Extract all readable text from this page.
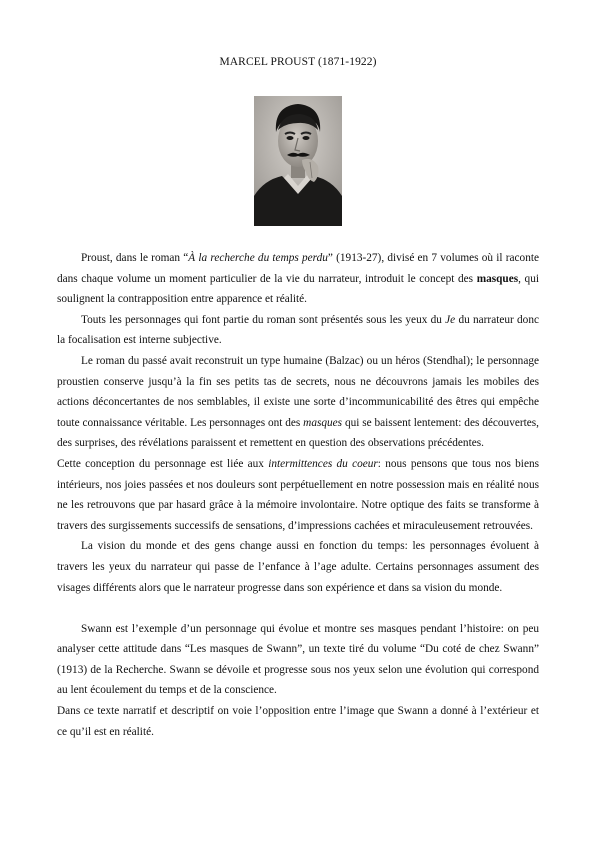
MARCEL PROUST (1871-1922)

Proust, dans le roman “À la recherche du temps perdu” (1913-27), divisé en 7 volumes où il raconte dans chaque volume un moment particulier de la vie du narrateur, introduit le concept des masques, qui soulignent la contrapposition entre apparence et réalité.

Touts les personnages qui font partie du roman sont présentés sous les yeux du Je du narrateur donc la focalisation est interne subjective.

Le roman du passé avait reconstruit un type humaine (Balzac) ou un héros (Stendhal); le personnage proustien conserve jusqu’à la fin ses petits tas de secrets, nous ne découvrons jamais les mobiles des actions déconcertantes de nos semblables, il existe une sorte d’incommunicabilité des êtres qui empêche toute connaissance véritable. Les personnages ont des masques qui se baissent lentement: des découvertes, des surprises, des révélations paraissent et remettent en question des observations précédentes.

Cette conception du personnage est liée aux intermittences du coeur: nous pensons que tous nos biens intérieurs, nos joies passées et nos douleurs sont perpétuellement en notre possession mais en réalité nous ne les retrouvons que par hasard grâce à la mémoire involontaire. Notre optique des faits se transforme à travers des surgissements successifs de sensations, d’impressions cachées et miraculeusement retrouvées.

La vision du monde et des gens change aussi en fonction du temps: les personnages évoluent à travers les yeux du narrateur qui passe de l’enfance à l’age adulte. Certains personnages assument des visages différents alors que le narrateur progresse dans son expérience et dans sa vision du monde.

Swann est l’exemple d’un personnage qui évolue et montre ses masques pendant l’histoire: on peu analyser cette attitude dans “Les masques de Swann”, un texte tiré du volume “Du coté de chez Swann” (1913) de la Recherche. Swann se dévoile et progresse sous nos yeux selon une évolution qui correspond au lent écoulement du temps et de la conscience.

Dans ce texte narratif et descriptif on voie l’opposition entre l’image que Swann a donné à l’extérieur et ce qu’il est en réalité.
